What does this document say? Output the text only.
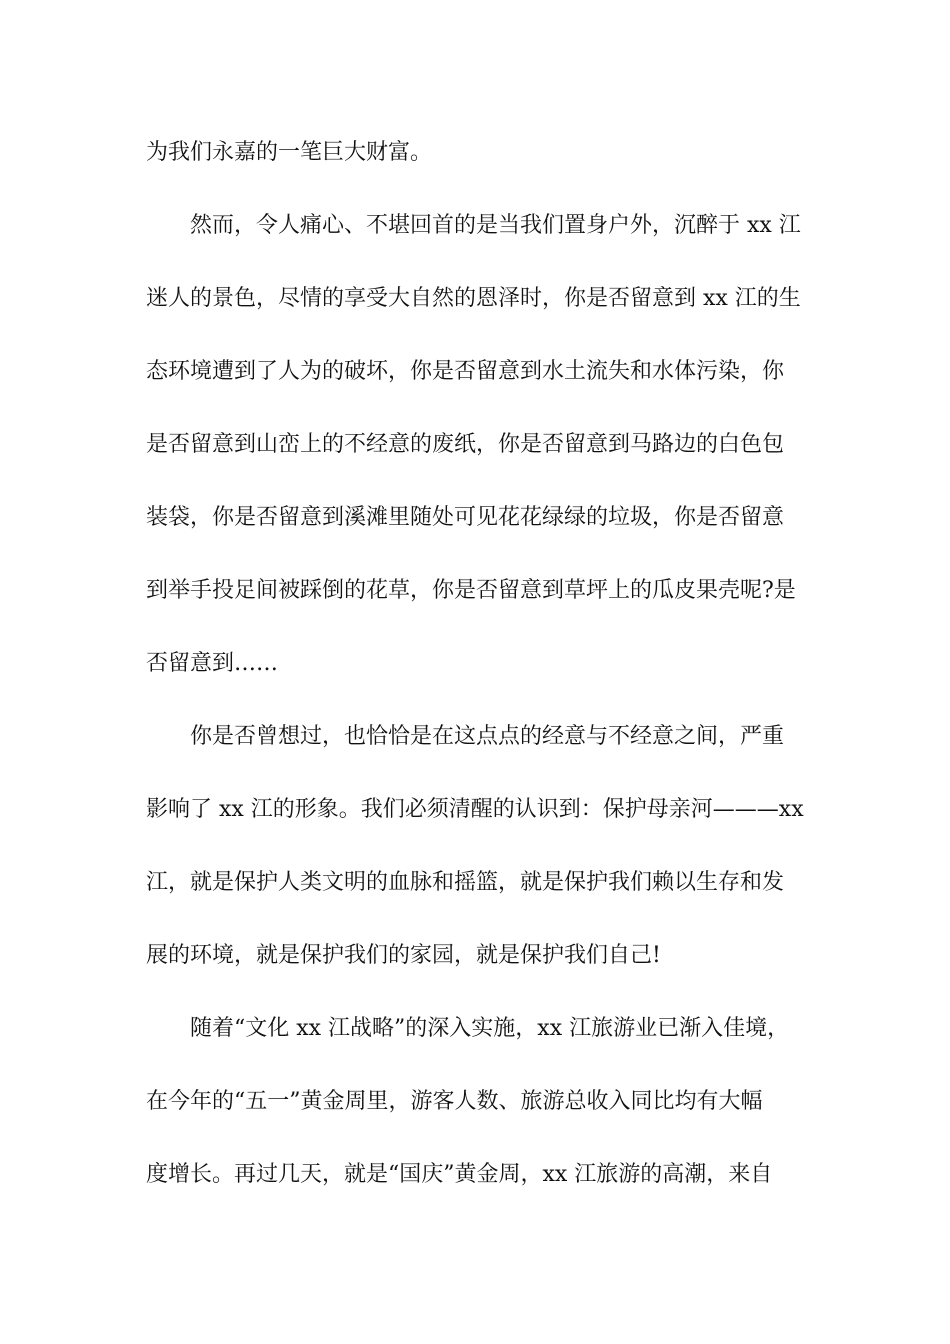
为我们永嘉的一笔巨大财富。
然而，令人痛心、不堪回首的是当我们置身户外，沉醉于 xx 江
迷人的景色，尽情的享受大自然的恩泽时，你是否留意到 xx 江的生
态环境遭到了人为的破坏，你是否留意到水土流失和水体污染，你
是否留意到山峦上的不经意的废纸，你是否留意到马路边的白色包
装袋，你是否留意到溪滩里随处可见花花绿绿的垃圾，你是否留意
到举手投足间被踩倒的花草，你是否留意到草坪上的瓜皮果壳呢?是
否留意到……
你是否曾想过，也恰恰是在这点点的经意与不经意之间，严重
影响了 xx 江的形象。我们必须清醒的认识到：保护母亲河———xx
江，就是保护人类文明的血脉和摇篮，就是保护我们赖以生存和发
展的环境，就是保护我们的家园，就是保护我们自己!
随着“文化 xx 江战略”的深入实施，xx 江旅游业已渐入佳境，
在今年的“五一”黄金周里，游客人数、旅游总收入同比均有大幅
度增长。再过几天，就是“国庆”黄金周，xx 江旅游的高潮，来自
